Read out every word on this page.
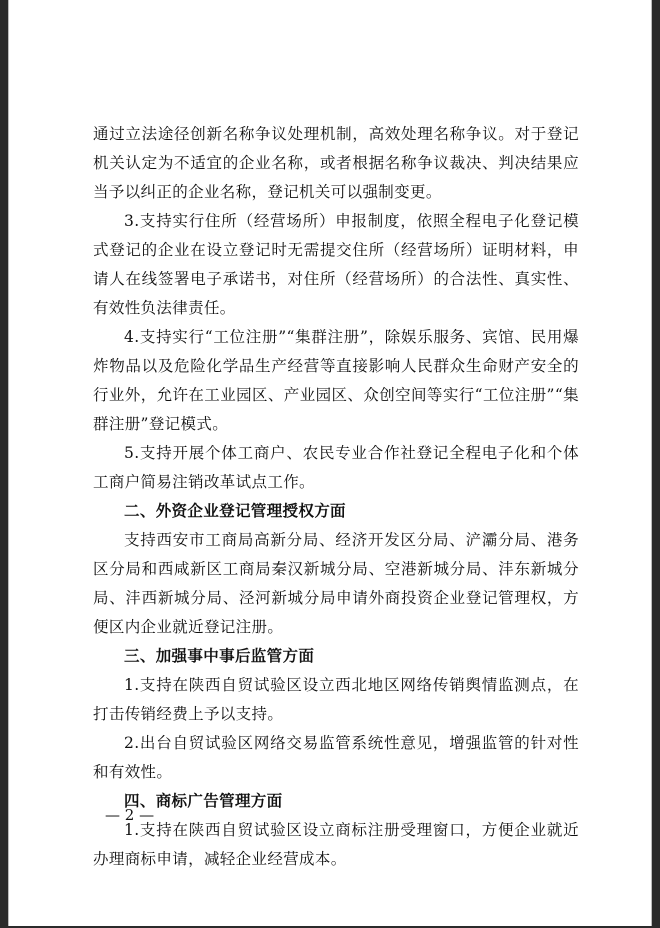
通过立法途径创新名称争议处理机制，高效处理名称争议。对于登记机关认定为不适宜的企业名称，或者根据名称争议裁决、判决结果应当予以纠正的企业名称，登记机关可以强制变更。

3.支持实行住所（经营场所）申报制度，依照全程电子化登记模式登记的企业在设立登记时无需提交住所（经营场所）证明材料，申请人在线签署电子承诺书，对住所（经营场所）的合法性、真实性、有效性负法律责任。

4.支持实行“工位注册”“集群注册”，除娱乐服务、宾馆、民用爆炸物品以及危险化学品生产经营等直接影响人民群众生命财产安全的行业外，允许在工业园区、产业园区、众创空间等实行“工位注册”“集群注册”登记模式。

5.支持开展个体工商户、农民专业合作社登记全程电子化和个体工商户简易注销改革试点工作。

二、外资企业登记管理授权方面

支持西安市工商局高新分局、经济开发区分局、浐灞分局、港务区分局和西咸新区工商局秦汉新城分局、空港新城分局、沣东新城分局、沣西新城分局、泾河新城分局申请外商投资企业登记管理权，方便区内企业就近登记注册。

三、加强事中事后监管方面

1.支持在陕西自贸试验区设立西北地区网络传销舆情监测点，在打击传销经费上予以支持。

2.出台自贸试验区网络交易监管系统性意见，增强监管的针对性和有效性。

四、商标广告管理方面

1.支持在陕西自贸试验区设立商标注册受理窗口，方便企业就近办理商标申请，减轻企业经营成本。

— 2 —
